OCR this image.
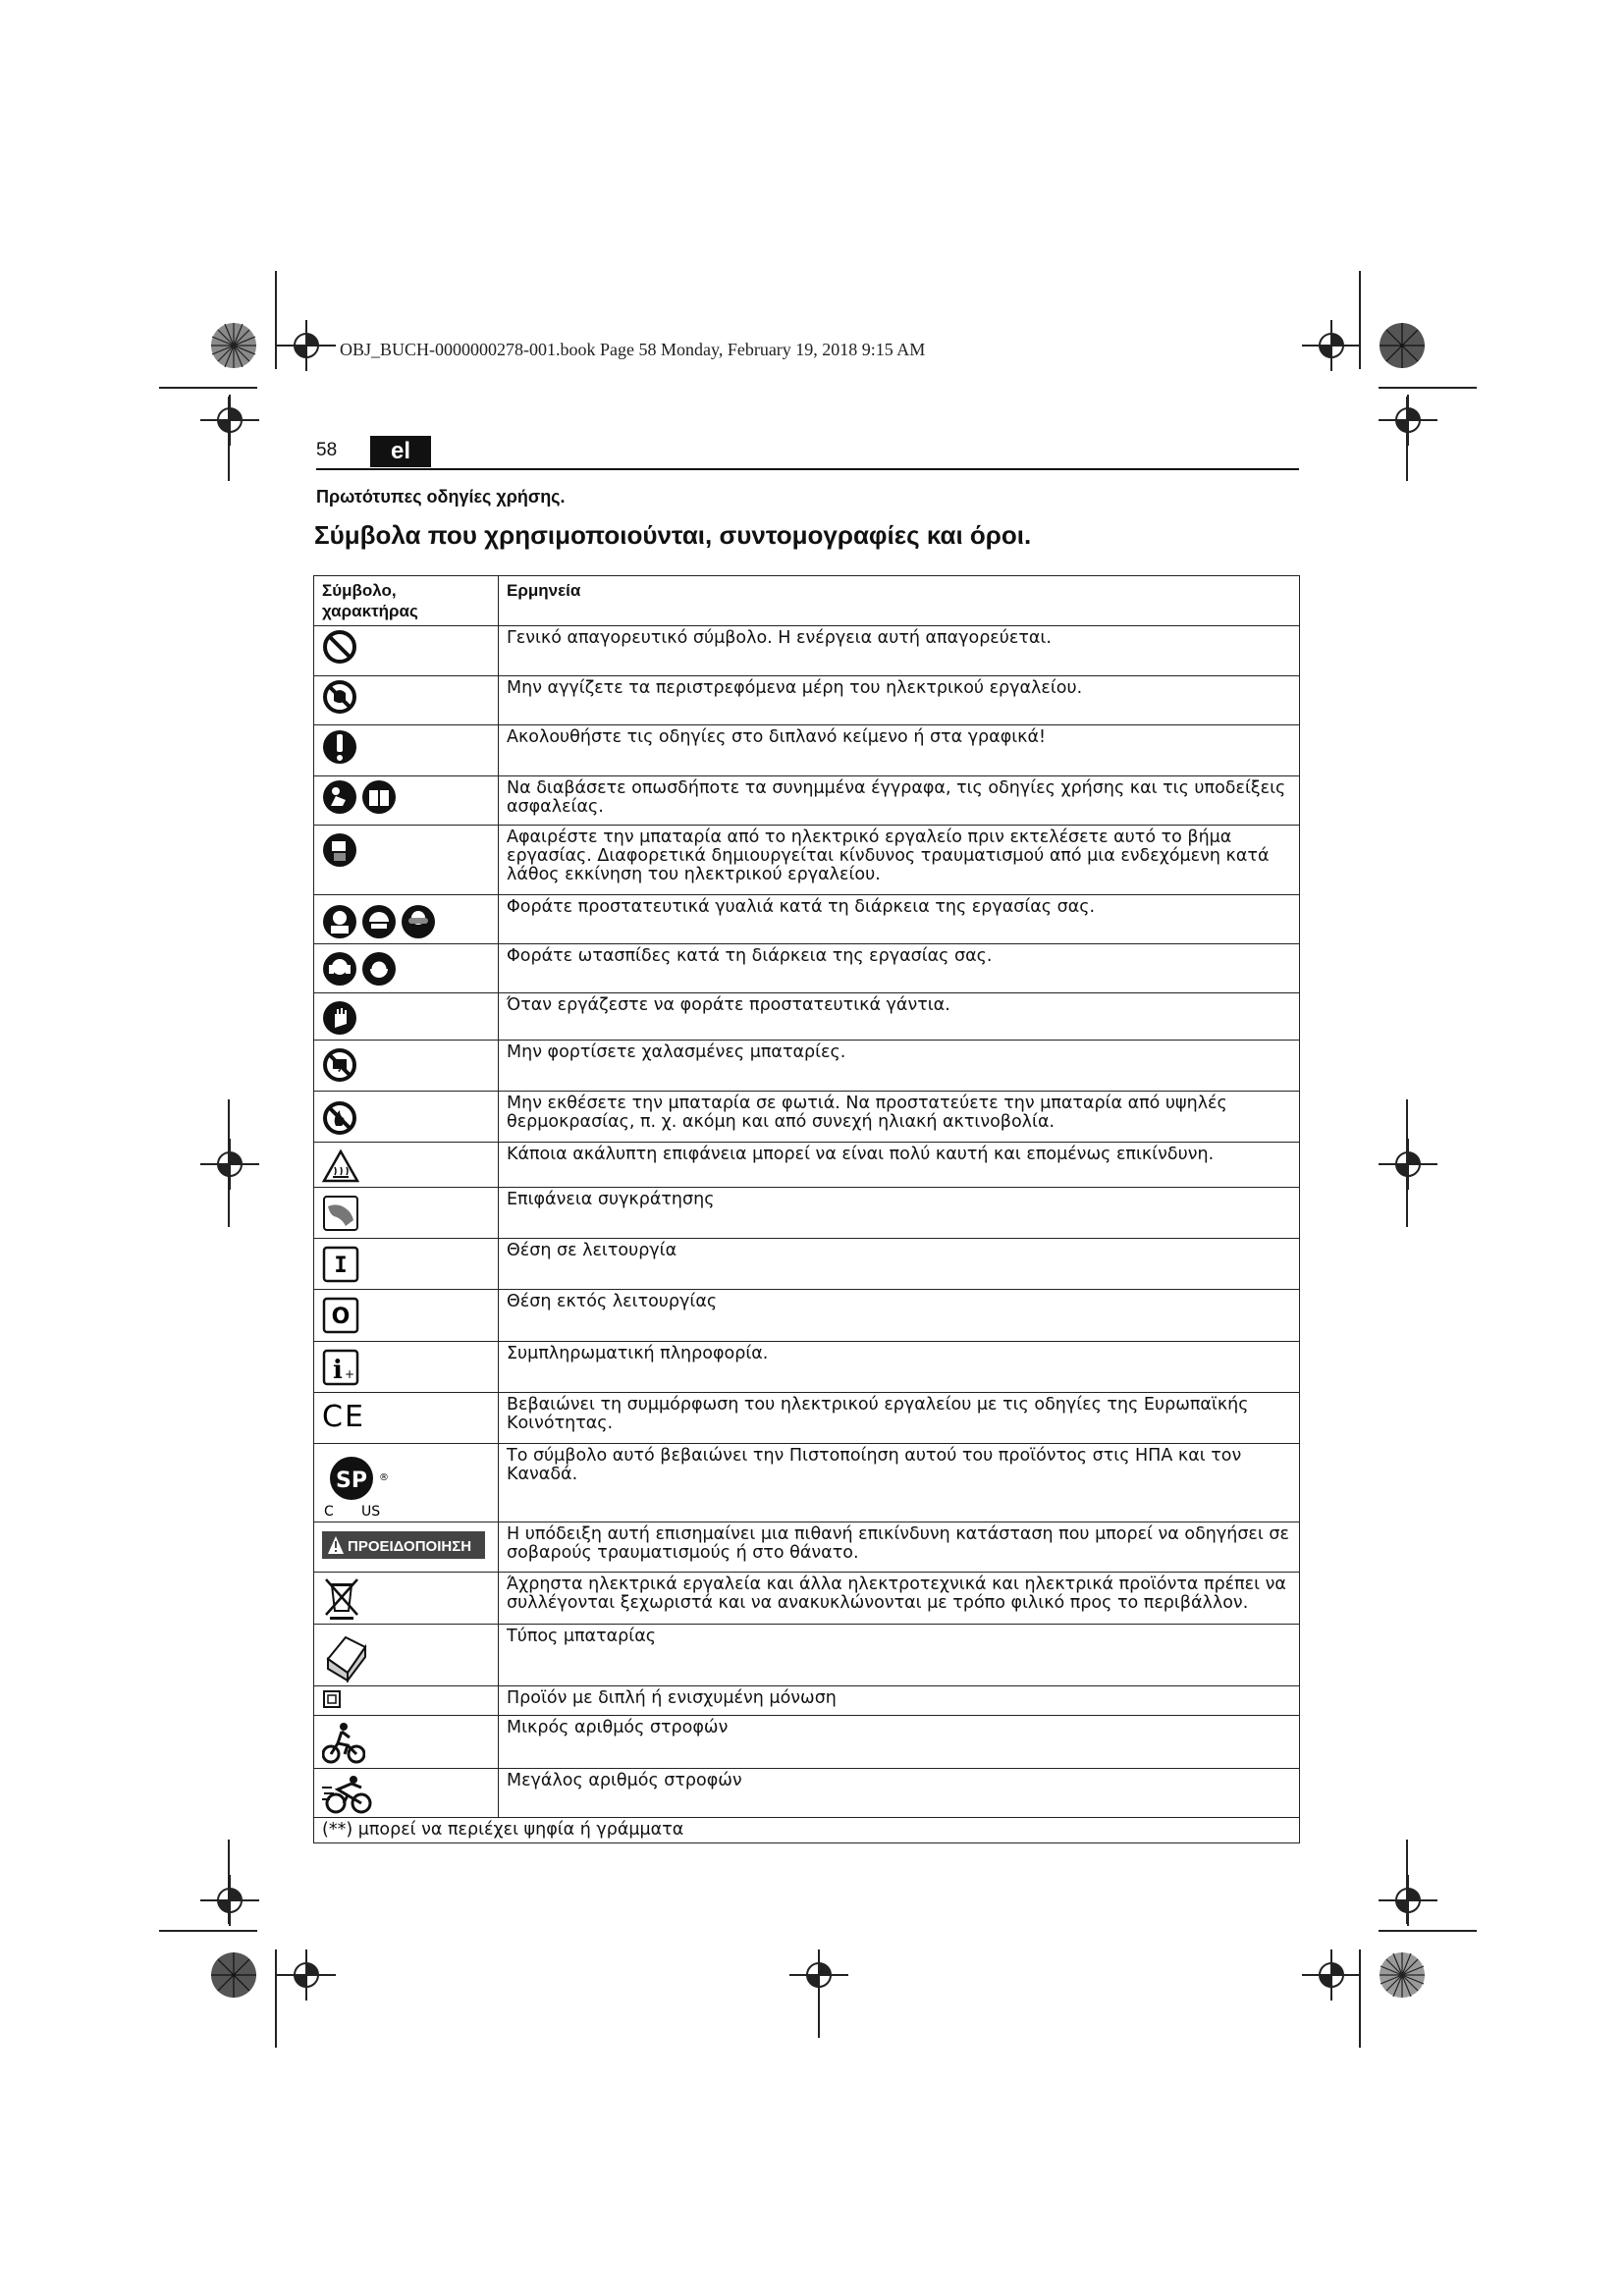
OBJ_BUCH-0000000278-001.book Page 58 Monday, February 19, 2018 9:15 AM
58	el
Πρωτότυπες οδηγίες χρήσης.
Σύμβολα που χρησιμοποιούνται, συντομογραφίες και όροι.
Σύμβολο, χαρακτήρας	Ερμηνεία

	Γενικό απαγορευτικό σύμβολο. Η ενέργεια αυτή απαγορεύεται.

	Μην αγγίζετε τα περιστρεφόμενα μέρη του ηλεκτρικού εργαλείου.

	Ακολουθήστε τις οδηγίες στο διπλανό κείμενο ή στα γραφικά!

	Να διαβάσετε οπωσδήποτε τα συνημμένα έγγραφα, τις οδηγίες χρήσης και τις υποδείξεις ασφαλείας.

	Αφαιρέστε την μπαταρία από το ηλεκτρικό εργαλείο πριν εκτελέσετε αυτό το βήμα εργασίας. Διαφορετικά δημιουργείται κίνδυνος τραυματισμού από μια ενδεχόμενη κατά λάθος εκκίνηση του ηλεκτρικού εργαλείου.

	Φοράτε προστατευτικά γυαλιά κατά τη διάρκεια της εργασίας σας.

	Φοράτε ωτασπίδες κατά τη διάρκεια της εργασίας σας.

	Όταν εργάζεστε να φοράτε προστατευτικά γάντια.

	Μην φορτίσετε χαλασμένες μπαταρίες.

	Μην εκθέσετε την μπαταρία σε φωτιά. Να προστατεύετε την μπαταρία από υψηλές θερμοκρασίας, π. χ. ακόμη και από συνεχή ηλιακή ακτινοβολία.

	Κάποια ακάλυπτη επιφάνεια μπορεί να είναι πολύ καυτή και επομένως επικίνδυνη.

	Επιφάνεια συγκράτησης

I	Θέση σε λειτουργία

O	Θέση εκτός λειτουργίας

i +	Συμπληρωματική πληροφορία.

CE	Βεβαιώνει τη συμμόρφωση του ηλεκτρικού εργαλείου με τις οδηγίες της Ευρωπαϊκής Κοινότητας.

SP ®
C US	Το σύμβολο αυτό βεβαιώνει την Πιστοποίηση αυτού του προϊόντος στις ΗΠΑ και τον Καναδά.

ΠΡΟΕΙΔΟΠΟΙΗΣΗ	Η υπόδειξη αυτή επισημαίνει μια πιθανή επικίνδυνη κατάσταση που μπορεί να οδηγήσει σε σοβαρούς τραυματισμούς ή στο θάνατο.

	Άχρηστα ηλεκτρικά εργαλεία και άλλα ηλεκτροτεχνικά και ηλεκτρικά προϊόντα πρέπει να συλλέγονται ξεχωριστά και να ανακυκλώνονται με τρόπο φιλικό προς το περιβάλλον.

	Τύπος μπαταρίας

	Προϊόν με διπλή ή ενισχυμένη μόνωση

	Μικρός αριθμός στροφών

	Μεγάλος αριθμός στροφών
(**) μπορεί να περιέχει ψηφία ή γράμματα	
